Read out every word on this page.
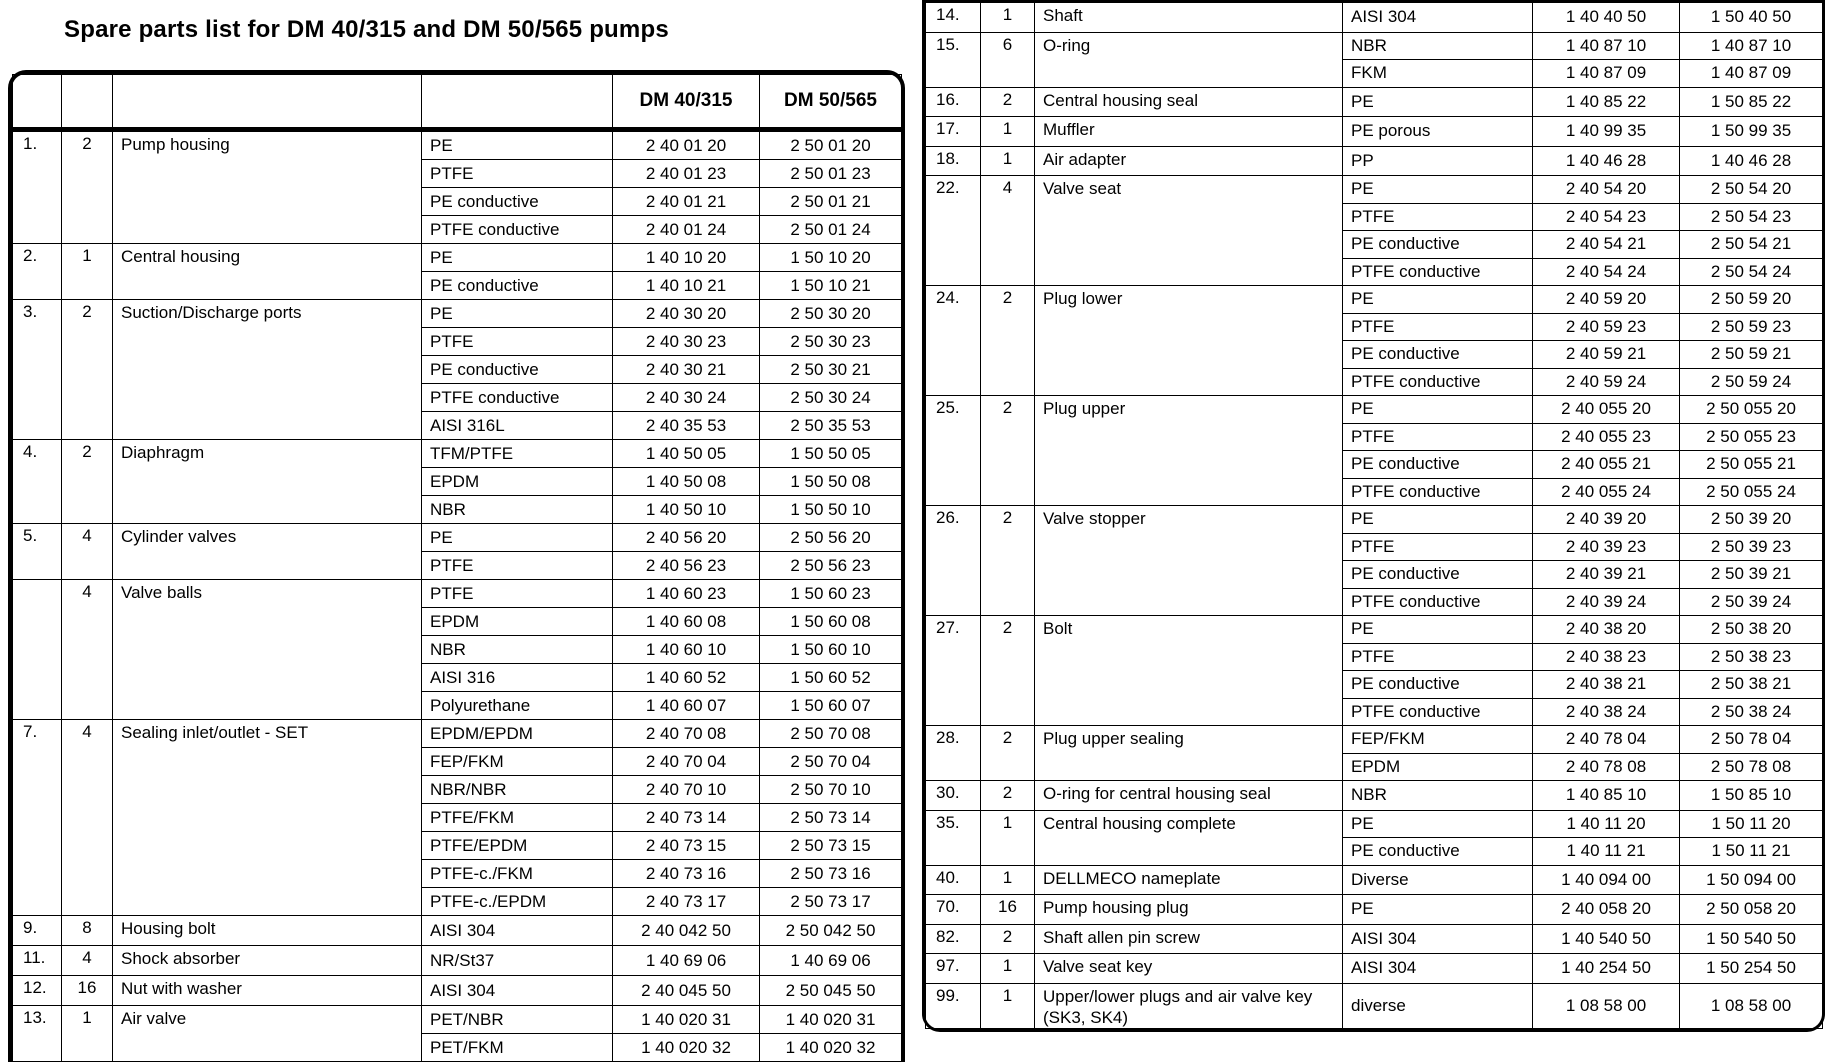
Spare parts list for DM 40/315 and DM 50/565 pumps
				DM 40/315	DM 50/565
1.	2	Pump housing	PE	2 40 01 20	2 50 01 20
			PTFE	2 40 01 23	2 50 01 23
			PE conductive	2 40 01 21	2 50 01 21
			PTFE conductive	2 40 01 24	2 50 01 24
2.	1	Central housing	PE	1 40 10 20	1 50 10 20
			PE conductive	1 40 10 21	1 50 10 21
3.	2	Suction/Discharge ports	PE	2 40 30 20	2 50 30 20
			PTFE	2 40 30 23	2 50 30 23
			PE conductive	2 40 30 21	2 50 30 21
			PTFE conductive	2 40 30 24	2 50 30 24
			AISI 316L	2 40 35 53	2 50 35 53
4.	2	Diaphragm	TFM/PTFE	1 40 50 05	1 50 50 05
			EPDM	1 40 50 08	1 50 50 08
			NBR	1 40 50 10	1 50 50 10
5.	4	Cylinder valves	PE	2 40 56 20	2 50 56 20
			PTFE	2 40 56 23	2 50 56 23
	4	Valve balls	PTFE	1 40 60 23	1 50 60 23
			EPDM	1 40 60 08	1 50 60 08
			NBR	1 40 60 10	1 50 60 10
			AISI 316	1 40 60 52	1 50 60 52
			Polyurethane	1 40 60 07	1 50 60 07
7.	4	Sealing inlet/outlet - SET	EPDM/EPDM	2 40 70 08	2 50 70 08
			FEP/FKM	2 40 70 04	2 50 70 04
			NBR/NBR	2 40 70 10	2 50 70 10
			PTFE/FKM	2 40 73 14	2 50 73 14
			PTFE/EPDM	2 40 73 15	2 50 73 15
			PTFE-c./FKM	2 40 73 16	2 50 73 16
			PTFE-c./EPDM	2 40 73 17	2 50 73 17
9.	8	Housing bolt	AISI 304	2 40 042 50	2 50 042 50
11.	4	Shock absorber	NR/St37	1 40 69 06	1 40 69 06
12.	16	Nut with washer	AISI 304	2 40 045 50	2 50 045 50
13.	1	Air valve	PET/NBR	1 40 020 31	1 40 020 31
			PET/FKM	1 40 020 32	1 40 020 32
14.	1	Shaft	AISI 304	1 40 40 50	1 50 40 50
15.	6	O-ring	NBR	1 40 87 10	1 40 87 10
			FKM	1 40 87 09	1 40 87 09
16.	2	Central housing seal	PE	1 40 85 22	1 50 85 22
17.	1	Muffler	PE porous	1 40 99 35	1 50 99 35
18.	1	Air adapter	PP	1 40 46 28	1 40 46 28
22.	4	Valve seat	PE	2 40 54 20	2 50 54 20
			PTFE	2 40 54 23	2 50 54 23
			PE conductive	2 40 54 21	2 50 54 21
			PTFE conductive	2 40 54 24	2 50 54 24
24.	2	Plug lower	PE	2 40 59 20	2 50 59 20
			PTFE	2 40 59 23	2 50 59 23
			PE conductive	2 40 59 21	2 50 59 21
			PTFE conductive	2 40 59 24	2 50 59 24
25.	2	Plug upper	PE	2 40 055 20	2 50 055 20
			PTFE	2 40 055 23	2 50 055 23
			PE conductive	2 40 055 21	2 50 055 21
			PTFE conductive	2 40 055 24	2 50 055 24
26.	2	Valve stopper	PE	2 40 39 20	2 50 39 20
			PTFE	2 40 39 23	2 50 39 23
			PE conductive	2 40 39 21	2 50 39 21
			PTFE conductive	2 40 39 24	2 50 39 24
27.	2	Bolt	PE	2 40 38 20	2 50 38 20
			PTFE	2 40 38 23	2 50 38 23
			PE conductive	2 40 38 21	2 50 38 21
			PTFE conductive	2 40 38 24	2 50 38 24
28.	2	Plug upper sealing	FEP/FKM	2 40 78 04	2 50 78 04
			EPDM	2 40 78 08	2 50 78 08
30.	2	O-ring for central housing seal	NBR	1 40 85 10	1 50 85 10
35.	1	Central housing complete	PE	1 40 11 20	1 50 11 20
			PE conductive	1 40 11 21	1 50 11 21
40.	1	DELLMECO nameplate	Diverse	1 40 094 00	1 50 094 00
70.	16	Pump housing plug	PE	2 40 058 20	2 50 058 20
82.	2	Shaft allen pin screw	AISI 304	1 40 540 50	1 50 540 50
97.	1	Valve seat key	AISI 304	1 40 254 50	1 50 254 50
99.	1	Upper/lower plugs and air valve key (SK3, SK4)	diverse	1 08 58 00	1 08 58 00
